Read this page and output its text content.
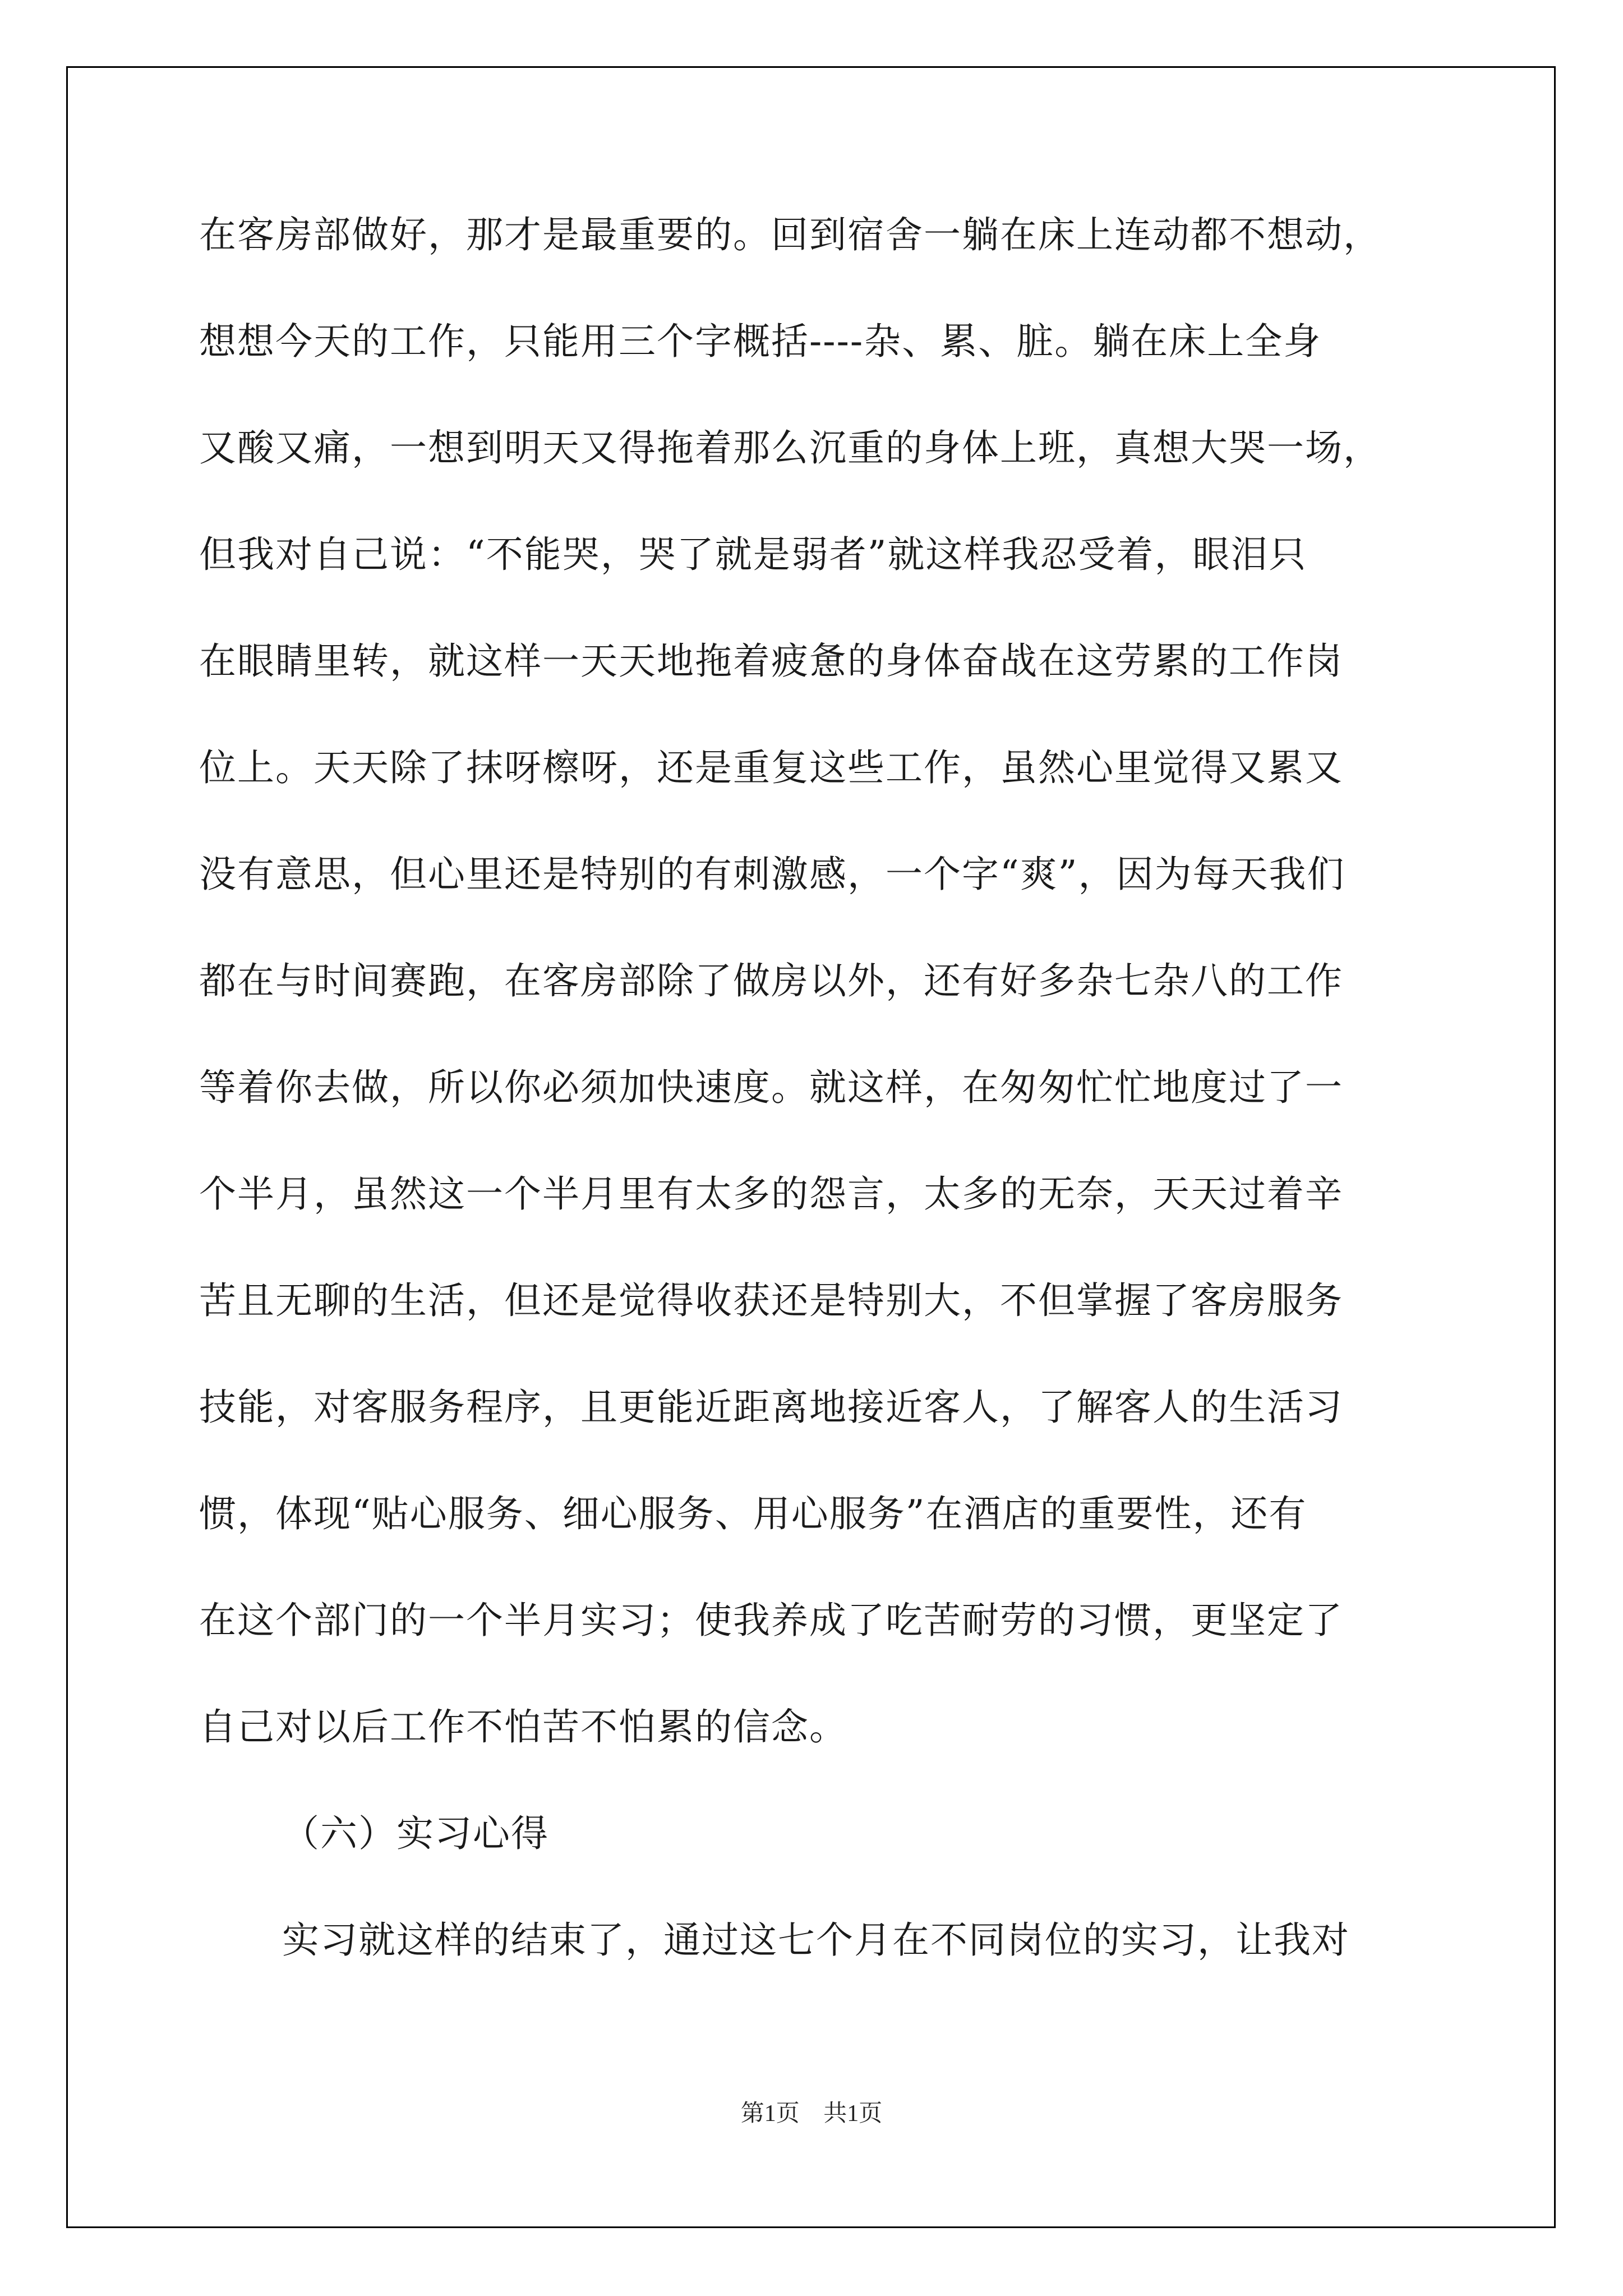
在客房部做好，那才是最重要的。回到宿舍一躺在床上连动都不想动，
想想今天的工作，只能用三个字概括----杂、累、脏。躺在床上全身
又酸又痛，一想到明天又得拖着那么沉重的身体上班，真想大哭一场，
但我对自己说：“不能哭，哭了就是弱者”就这样我忍受着，眼泪只
在眼睛里转，就这样一天天地拖着疲惫的身体奋战在这劳累的工作岗
位上。天天除了抹呀檫呀，还是重复这些工作，虽然心里觉得又累又
没有意思，但心里还是特别的有刺激感，一个字“爽”，因为每天我们
都在与时间赛跑，在客房部除了做房以外，还有好多杂七杂八的工作
等着你去做，所以你必须加快速度。就这样，在匆匆忙忙地度过了一
个半月，虽然这一个半月里有太多的怨言，太多的无奈，天天过着辛
苦且无聊的生活，但还是觉得收获还是特别大，不但掌握了客房服务
技能，对客服务程序，且更能近距离地接近客人，了解客人的生活习
惯，体现“贴心服务、细心服务、用心服务”在酒店的重要性，还有
在这个部门的一个半月实习；使我养成了吃苦耐劳的习惯，更坚定了
自己对以后工作不怕苦不怕累的信念。
（六）实习心得
实习就这样的结束了，通过这七个月在不同岗位的实习，让我对
第1页 共1页
